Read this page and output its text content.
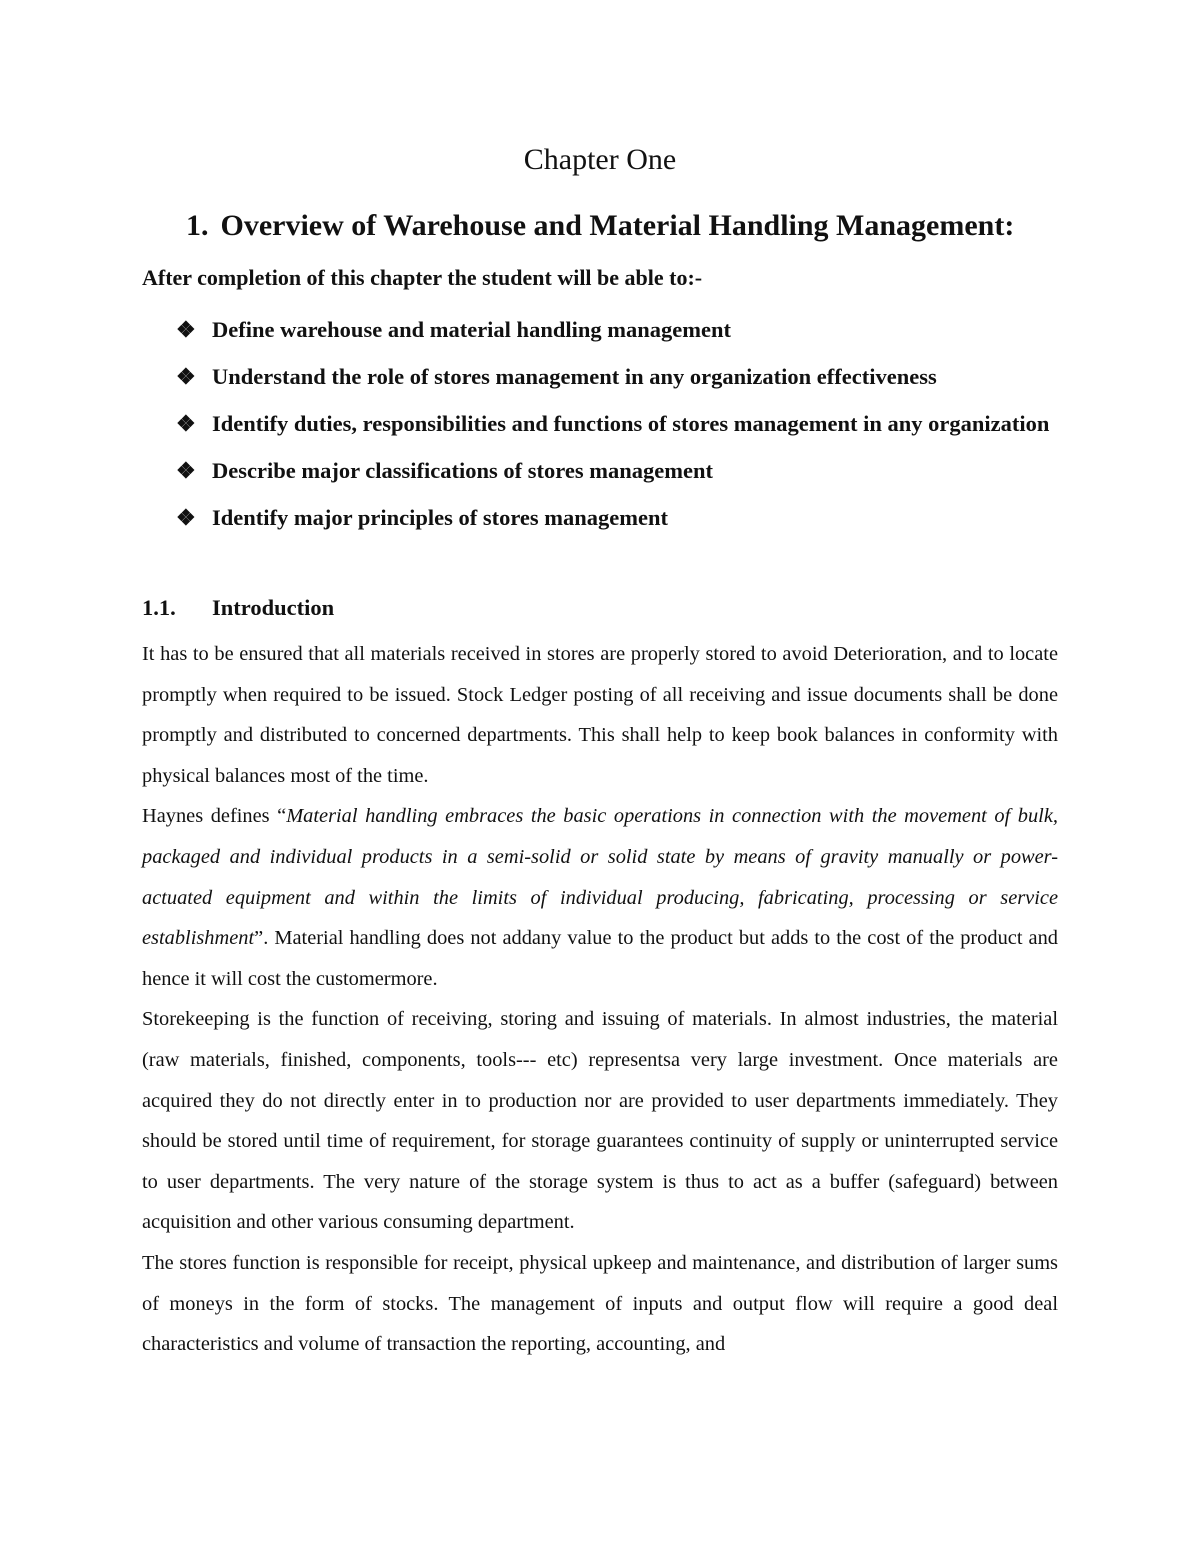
Chapter One
1. Overview of Warehouse and Material Handling Management:

After completion of this chapter the student will be able to:-

❖ Define warehouse and material handling management
❖ Understand the role of stores management in any organization effectiveness
❖ Identify duties, responsibilities and functions of stores management in any organization
❖ Describe major classifications of stores management
❖ Identify major principles of stores management
1.1. Introduction

It has to be ensured that all materials received in stores are properly stored to avoid Deterioration, and to locate promptly when required to be issued. Stock Ledger posting of all receiving and issue documents shall be done promptly and distributed to concerned departments. This shall help to keep book balances in conformity with physical balances most of the time.

Haynes defines “Material handling embraces the basic operations in connection with the movement of bulk, packaged and individual products in a semi-solid or solid state by means of gravity manually or power-actuated equipment and within the limits of individual producing, fabricating, processing or service establishment”. Material handling does not addany value to the product but adds to the cost of the product and hence it will cost the customermore.

Storekeeping is the function of receiving, storing and issuing of materials. In almost industries, the material (raw materials, finished, components, tools--- etc) representsa very large investment. Once materials are acquired they do not directly enter in to production nor are provided to user departments immediately. They should be stored until time of requirement, for storage guarantees continuity of supply or uninterrupted service to user departments. The very nature of the storage system is thus to act as a buffer (safeguard) between acquisition and other various consuming department.

The stores function is responsible for receipt, physical upkeep and maintenance, and distribution of larger sums of moneys in the form of stocks. The management of inputs and output flow will require a good deal characteristics and volume of transaction the reporting, accounting, and
